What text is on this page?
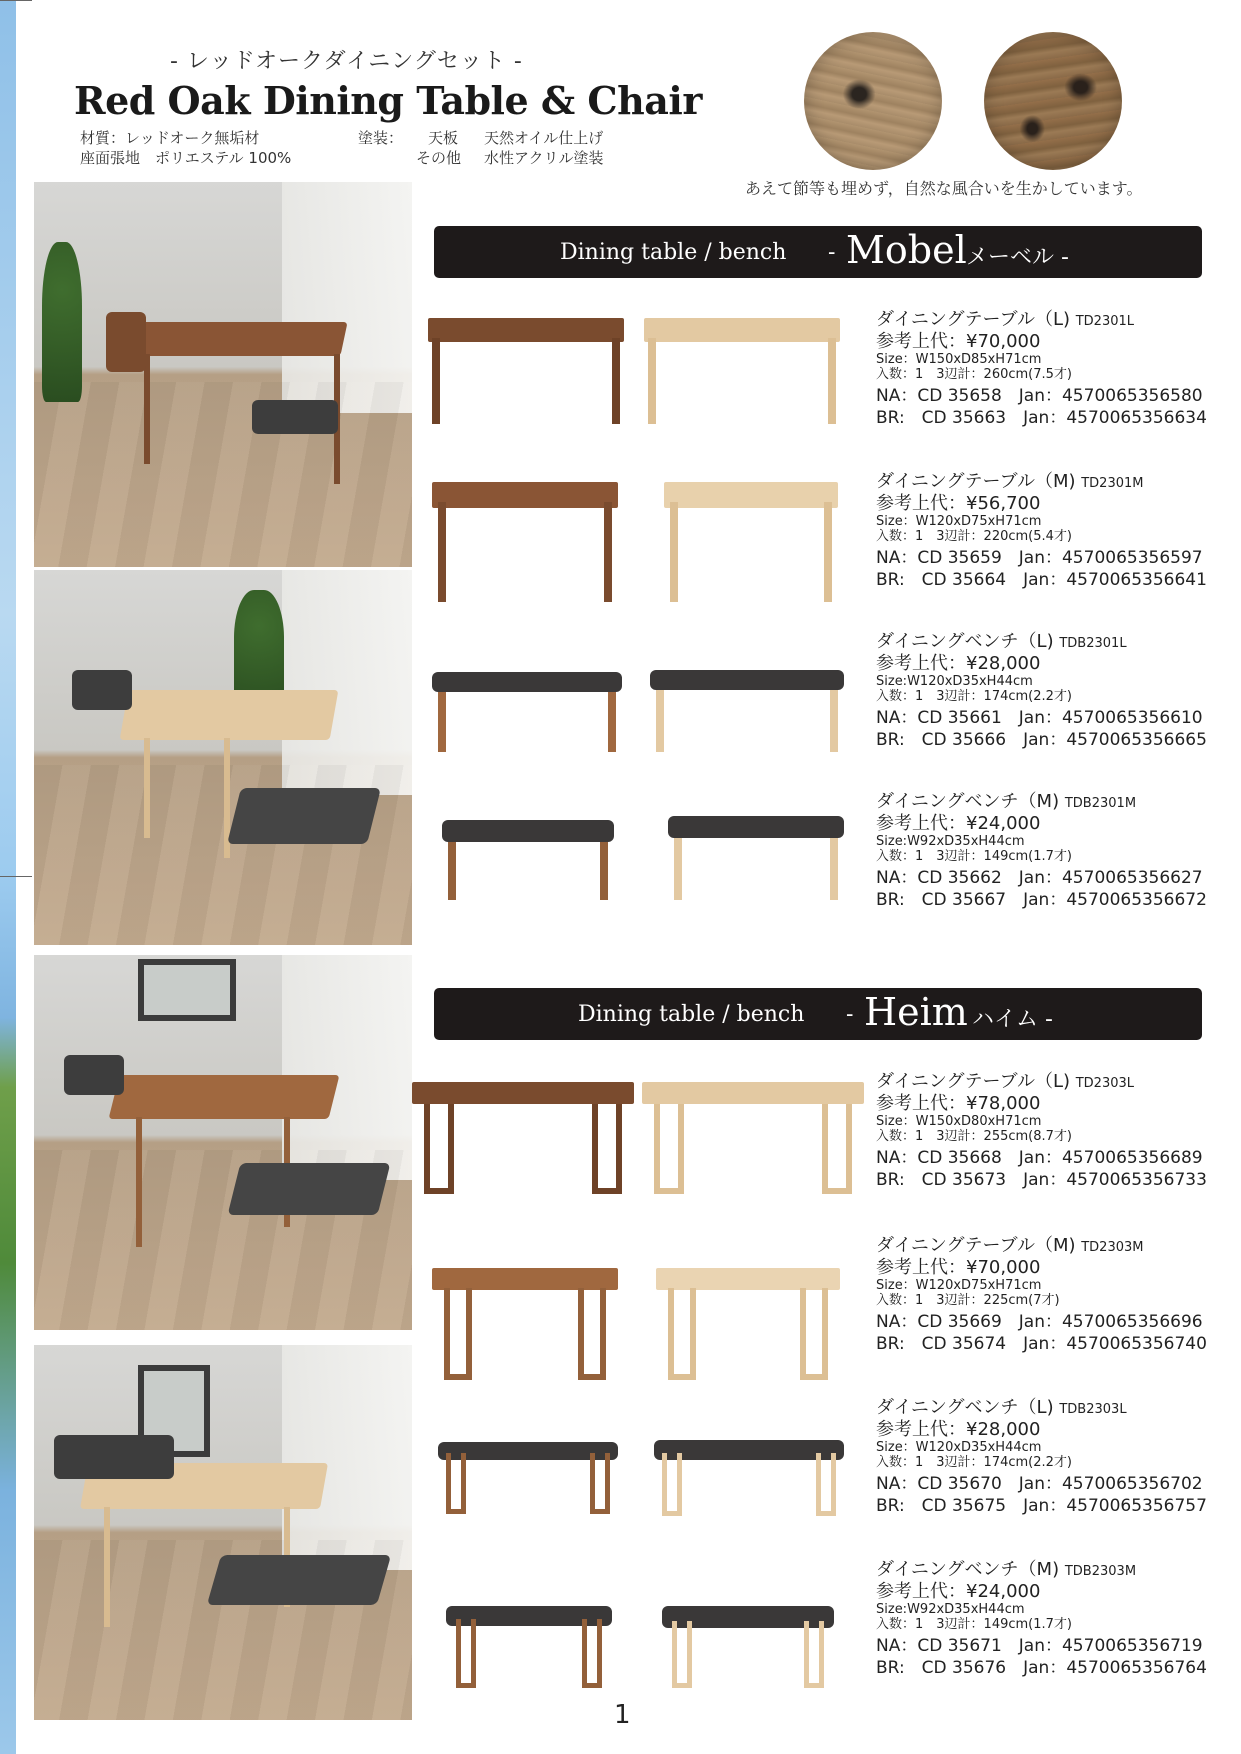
- レッドオークダイニングセット -
Red Oak Dining Table & Chair
材質：レッドオーク無垢材
座面張地　ポリエステル 100%
塗装： 天板 天然オイル仕上げ
その他 水性アクリル塗装
あえて節等も埋めず，自然な風合いを生かしています。
Dining table / bench - Mobel メーベル -
Dining table / bench - Heim ハイム -
ダイニングテーブル（L) TD2301L
参考上代：¥70,000
Size：W150xD85xH71cm
入数：1　3辺計：260cm(7.5才)
NA：CD 35658　Jan：4570065356580
BR:　CD 35663　Jan：4570065356634
ダイニングテーブル（M) TD2301M
参考上代：¥56,700
Size：W120xD75xH71cm
入数：1　3辺計：220cm(5.4才)
NA：CD 35659　Jan：4570065356597
BR:　CD 35664　Jan：4570065356641
ダイニングベンチ（L) TDB2301L
参考上代：¥28,000
Size:W120xD35xH44cm
入数：1　3辺計：174cm(2.2才)
NA：CD 35661　Jan：4570065356610
BR:　CD 35666　Jan：4570065356665
ダイニングベンチ（M) TDB2301M
参考上代：¥24,000
Size:W92xD35xH44cm
入数：1　3辺計：149cm(1.7才)
NA：CD 35662　Jan：4570065356627
BR:　CD 35667　Jan：4570065356672
ダイニングテーブル（L) TD2303L
参考上代：¥78,000
Size：W150xD80xH71cm
入数：1　3辺計：255cm(8.7才)
NA：CD 35668　Jan：4570065356689
BR:　CD 35673　Jan：4570065356733
ダイニングテーブル（M) TD2303M
参考上代：¥70,000
Size：W120xD75xH71cm
入数：1　3辺計：225cm(7才)
NA：CD 35669　Jan：4570065356696
BR:　CD 35674　Jan：4570065356740
ダイニングベンチ（L) TDB2303L
参考上代：¥28,000
Size：W120xD35xH44cm
入数：1　3辺計：174cm(2.2才)
NA：CD 35670　Jan：4570065356702
BR:　CD 35675　Jan：4570065356757
ダイニングベンチ（M) TDB2303M
参考上代：¥24,000
Size:W92xD35xH44cm
入数：1　3辺計：149cm(1.7才)
NA：CD 35671　Jan：4570065356719
BR:　CD 35676　Jan：4570065356764
1
